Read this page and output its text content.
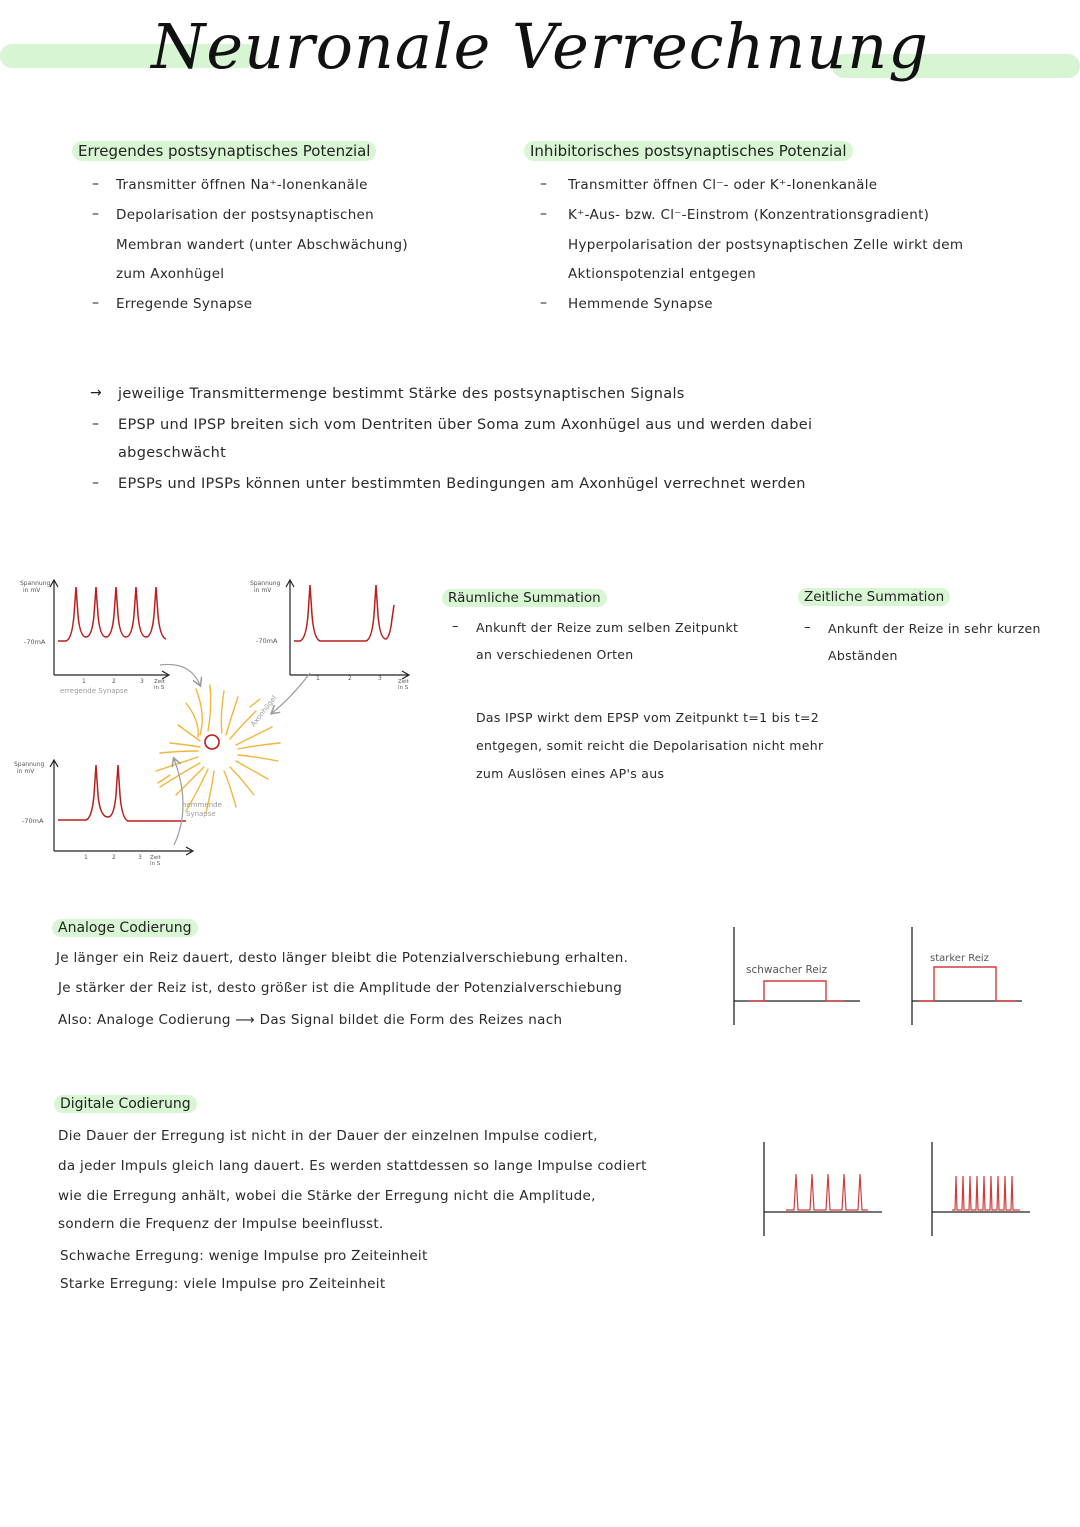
Neuronale Verrechnung
Erregendes postsynaptisches Potenzial
– Transmitter öffnen Na⁺-Ionenkanäle
– Depolarisation der postsynaptischen
Membran wandert (unter Abschwächung)
zum Axonhügel
– Erregende Synapse
Inhibitorisches postsynaptisches Potenzial
– Transmitter öffnen Cl⁻- oder K⁺-Ionenkanäle
– K⁺-Aus- bzw. Cl⁻-Einstrom (Konzentrationsgradient)
Hyperpolarisation der postsynaptischen Zelle wirkt dem
Aktionspotenzial entgegen
– Hemmende Synapse
→ jeweilige Transmittermenge bestimmt Stärke des postsynaptischen Signals
– EPSP und IPSP breiten sich vom Dentriten über Soma zum Axonhügel aus und werden dabei
abgeschwächt
– EPSPs und IPSPs können unter bestimmten Bedingungen am Axonhügel verrechnet werden
Spannung
in mV
-70mA
1	2	3 Zeit
in S
erregende Synapse
Spannung
in mV
-70mA
1	2	3	Zeit
in S
Spannung
in mV
-70mA
1	2	3 Zeit
in S
Axonhügel
hemmende
Synapse
Räumliche Summation
– Ankunft der Reize zum selben Zeitpunkt
an verschiedenen Orten
Zeitliche Summation
– Ankunft der Reize in sehr kurzen
Abständen
Das IPSP wirkt dem EPSP vom Zeitpunkt t=1 bis t=2
entgegen, somit reicht die Depolarisation nicht mehr
zum Auslösen eines AP's aus
Analoge Codierung
Je länger ein Reiz dauert, desto länger bleibt die Potenzialverschiebung erhalten.
Je stärker der Reiz ist, desto größer ist die Amplitude der Potenzialverschiebung
Also: Analoge Codierung ⟶ Das Signal bildet die Form des Reizes nach
schwacher Reiz
starker Reiz
Digitale Codierung
Die Dauer der Erregung ist nicht in der Dauer der einzelnen Impulse codiert,
da jeder Impuls gleich lang dauert. Es werden stattdessen so lange Impulse codiert
wie die Erregung anhält, wobei die Stärke der Erregung nicht die Amplitude,
sondern die Frequenz der Impulse beeinflusst.
Schwache Erregung: wenige Impulse pro Zeiteinheit
Starke Erregung: viele Impulse pro Zeiteinheit
